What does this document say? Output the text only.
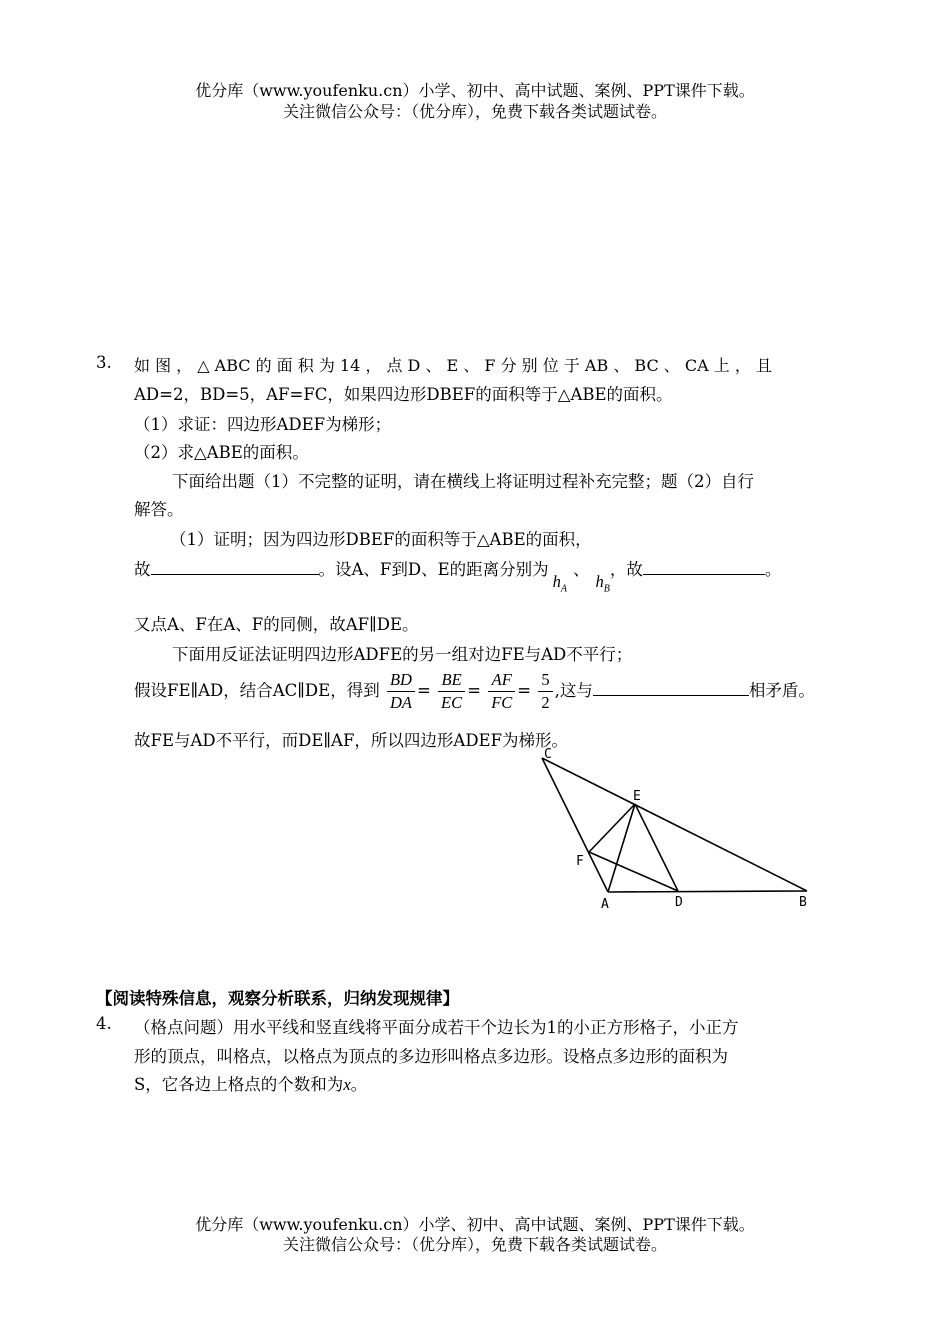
优分库（www.youfenku.cn）小学、初中、高中试题、案例、PPT课件下载。
关注微信公众号：（优分库），免费下载各类试题试卷。
3. 如 图 ， △ ABC 的 面 积 为 14 ， 点 D 、 E 、 F 分 别 位 于 AB 、 BC 、 CA 上 ， 且
AD=2，BD=5，AF=FC，如果四边形DBEF的面积等于△ABE的面积。
（1）求证：四边形ADEF为梯形；
（2）求△ABE的面积。
下面给出题（1）不完整的证明，请在横线上将证明过程补充完整；题（2）自行
解答。
（1）证明；因为四边形DBEF的面积等于△ABE的面积，
故	。设A、F到D、E的距离分别为$h_A$、$h_B$，故	。
又点A、F在A、F的同侧，故AF∥DE。
下面用反证法证明四边形ADFE的另一组对边FE与AD不平行；
假设FE∥AD，结合AC∥DE，得到 $\frac{BD}{DA} = \frac{BE}{EC} = \frac{AF}{FC} = \frac{5}{2}$ ,这与	相矛盾。
故FE与AD不平行，而DE∥AF，所以四边形ADEF为梯形。
C
E
F
A	D	B
【阅读特殊信息，观察分析联系，归纳发现规律】
4. （格点问题）用水平线和竖直线将平面分成若干个边长为1的小正方形格子，小正方
形的顶点，叫格点，以格点为顶点的多边形叫格点多边形。设格点多边形的面积为
S，它各边上格点的个数和为x。
优分库（www.youfenku.cn）小学、初中、高中试题、案例、PPT课件下载。
关注微信公众号：（优分库），免费下载各类试题试卷。
